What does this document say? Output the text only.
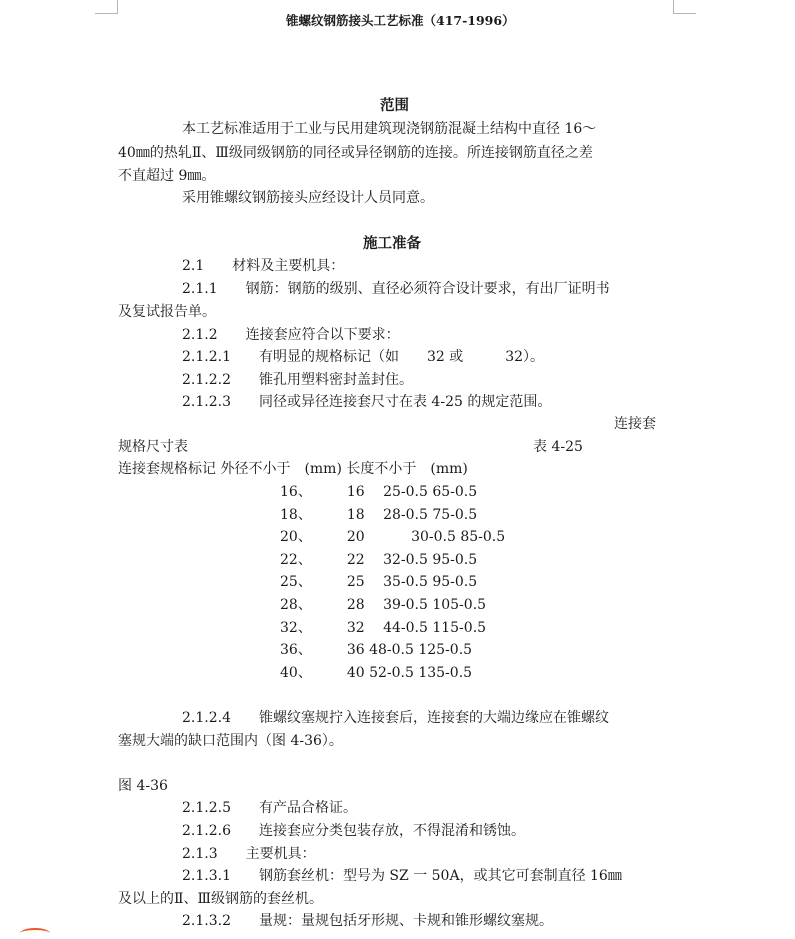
锥螺纹钢筋接头工艺标准（417-1996）
范围
本工艺标准适用于工业与民用建筑现浇钢筋混凝土结构中直径 16～
40㎜的热轧Ⅱ、Ⅲ级同级钢筋的同径或异径钢筋的连接。所连接钢筋直径之差
不直超过 9㎜。
采用锥螺纹钢筋接头应经设计人员同意。
施工准备
2.1　　材料及主要机具：
2.1.1　　钢筋：钢筋的级别、直径必须符合设计要求，有出厂证明书
及复试报告单。
2.1.2　　连接套应符合以下要求：
2.1.2.1　　有明显的规格标记（如　　32 或　　　32）。
2.1.2.2　　锥孔用塑料密封盖封住。
2.1.2.3　　同径或异径连接套尺寸在表 4-25 的规定范围。
连接套
规格尺寸表	表 4-25
连接套规格标记 外径不小于　(mm) 长度不小于　(mm)
16、　　　16　 25-0.5 65-0.5
18、　　　18　 28-0.5 75-0.5
20、　　　20　　　 30-0.5 85-0.5
22、　　　22　 32-0.5 95-0.5
25、　　　25　 35-0.5 95-0.5
28、　　　28　 39-0.5 105-0.5
32、　　　32　 44-0.5 115-0.5
36、　　　36 48-0.5 125-0.5
40、　　　40 52-0.5 135-0.5
2.1.2.4　　锥螺纹塞规拧入连接套后，连接套的大端边缘应在锥螺纹
塞规大端的缺口范围内（图 4-36）。
图 4-36
2.1.2.5　　有产品合格证。
2.1.2.6　　连接套应分类包装存放，不得混淆和锈蚀。
2.1.3　　主要机具：
2.1.3.1　　钢筋套丝机：型号为 SZ 一 50A，或其它可套制直径 16㎜
及以上的Ⅱ、Ⅲ级钢筋的套丝机。
2.1.3.2　　量规：量规包括牙形规、卡规和锥形螺纹塞规。
